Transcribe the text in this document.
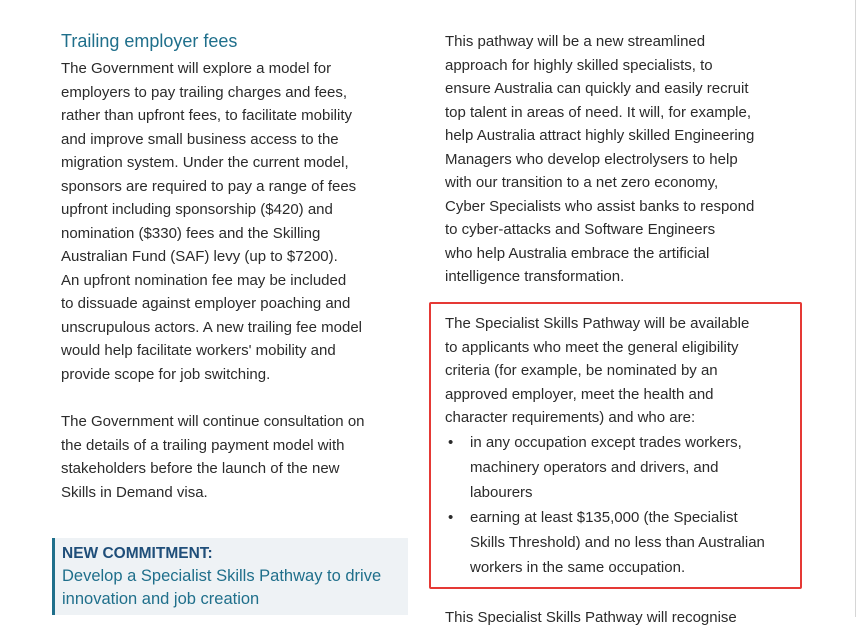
Trailing employer fees

The Government will explore a model for
employers to pay trailing charges and fees,
rather than upfront fees, to facilitate mobility
and improve small business access to the
migration system. Under the current model,
sponsors are required to pay a range of fees
upfront including sponsorship ($420) and
nomination ($330) fees and the Skilling
Australian Fund (SAF) levy (up to $7200).
An upfront nomination fee may be included
to dissuade against employer poaching and
unscrupulous actors. A new trailing fee model
would help facilitate workers' mobility and
provide scope for job switching.

The Government will continue consultation on
the details of a trailing payment model with
stakeholders before the launch of the new
Skills in Demand visa.

NEW COMMITMENT:
Develop a Specialist Skills Pathway to drive
innovation and job creation

This pathway will be a new streamlined
approach for highly skilled specialists, to
ensure Australia can quickly and easily recruit
top talent in areas of need. It will, for example,
help Australia attract highly skilled Engineering
Managers who develop electrolysers to help
with our transition to a net zero economy,
Cyber Specialists who assist banks to respond
to cyber-attacks and Software Engineers
who help Australia embrace the artificial
intelligence transformation.

The Specialist Skills Pathway will be available
to applicants who meet the general eligibility
criteria (for example, be nominated by an
approved employer, meet the health and
character requirements) and who are:

• in any occupation except trades workers,
machinery operators and drivers, and
labourers
• earning at least $135,000 (the Specialist
Skills Threshold) and no less than Australian
workers in the same occupation.
This Specialist Skills Pathway will recognise
